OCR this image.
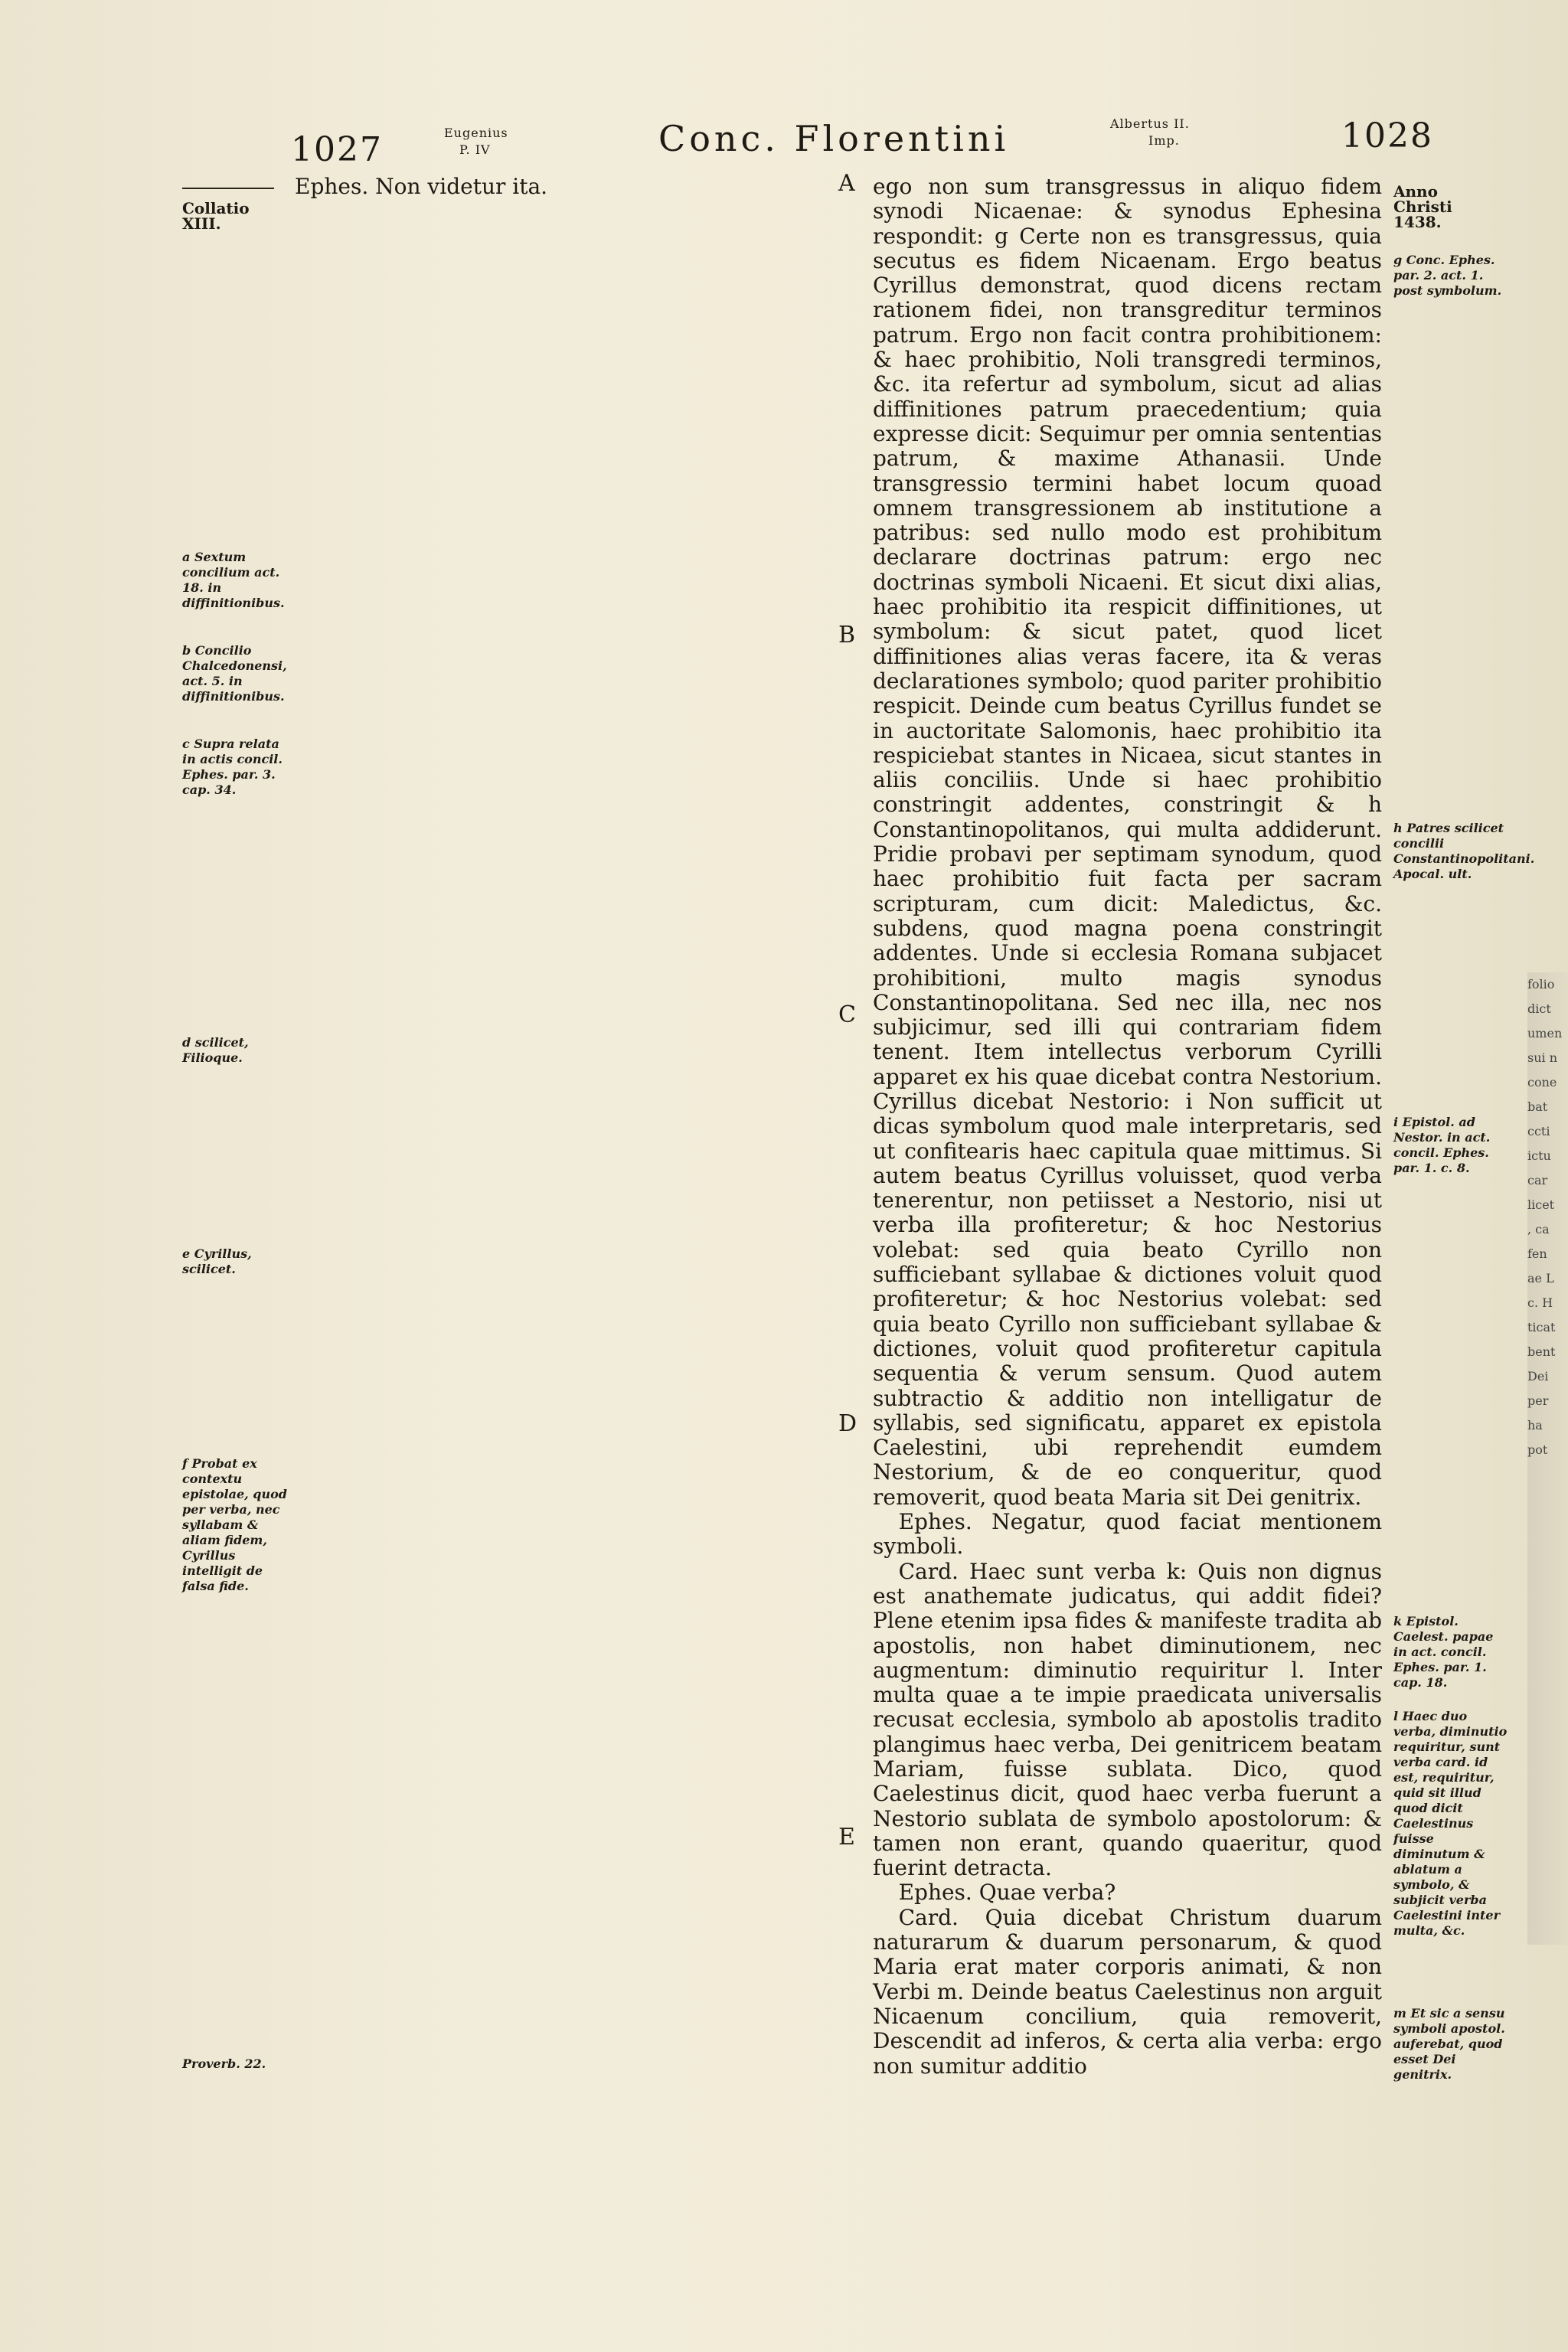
1027	Eugenius
P. IV	Conc. Florentini	Albertus II.
Imp.	1028
Collatio
XIII.
a Sextum concilium act. 18. in diffinitionibus.
b Concilio Chalcedonensi, act. 5. in diffinitionibus.
c Supra relata in actis concil. Ephes. par. 3. cap. 34.
d scilicet, Filioque.
e Cyrillus, scilicet.
f Probat ex contextu epistolae, quod per verba, nec syllabam & aliam fidem, Cyrillus intelligit de falsa fide.
Proverb. 22.

Ephes. Non videtur ita.	A
B
C
D
E

ego non sum transgressus in aliquo fidem synodi Nicaenae: & synodus Ephesina respondit: g Certe non es transgressus, quia secutus es fidem Nicaenam. Ergo beatus Cyrillus demonstrat, quod dicens rectam rationem fidei, non transgreditur terminos patrum. Ergo non facit contra prohibitionem: & haec prohibitio, Noli transgredi terminos, &c. ita refertur ad symbolum, sicut ad alias diffinitiones patrum praecedentium; quia expresse dicit: Sequimur per omnia sententias patrum, & maxime Athanasii. Unde transgressio termini habet locum quoad omnem transgressionem ab institutione a patribus: sed nullo modo est prohibitum declarare doctrinas patrum: ergo nec doctrinas symboli Nicaeni. Et sicut dixi alias, haec prohibitio ita respicit diffinitiones, ut symbolum: & sicut patet, quod licet diffinitiones alias veras facere, ita & veras declarationes symbolo; quod pariter prohibitio respicit. Deinde cum beatus Cyrillus fundet se in auctoritate Salomonis, haec prohibitio ita respiciebat stantes in Nicaea, sicut stantes in aliis conciliis. Unde si haec prohibitio constringit addentes, constringit & h Constantinopolitanos, qui multa addiderunt. Pridie probavi per septimam synodum, quod haec prohibitio fuit facta per sacram scripturam, cum dicit: Maledictus, &c. subdens, quod magna poena constringit addentes. Unde si ecclesia Romana subjacet prohibitioni, multo magis synodus Constantinopolitana. Sed nec illa, nec nos subjicimur, sed illi qui contrariam fidem tenent. Item intellectus verborum Cyrilli apparet ex his quae dicebat contra Nestorium. Cyrillus dicebat Nestorio: i Non sufficit ut dicas symbolum quod male interpretaris, sed ut confitearis haec capitula quae mittimus. Si autem beatus Cyrillus voluisset, quod verba tenerentur, non petiisset a Nestorio, nisi ut verba illa profiteretur; & hoc Nestorius volebat: sed quia beato Cyrillo non sufficiebant syllabae & dictiones voluit quod profiteretur; & hoc Nestorius volebat: sed quia beato Cyrillo non sufficiebant syllabae & dictiones, voluit quod profiteretur capitula sequentia & verum sensum. Quod autem subtractio & additio non intelligatur de syllabis, sed significatu, apparet ex epistola Caelestini, ubi reprehendit eumdem Nestorium, & de eo conqueritur, quod removerit, quod beata Maria sit Dei genitrix.

Ephes. Negatur, quod faciat mentionem symboli.

Card. Haec sunt verba k: Quis non dignus est anathemate judicatus, qui addit fidei? Plene etenim ipsa fides & manifeste tradita ab apostolis, non habet diminutionem, nec augmentum: diminutio requiritur l. Inter multa quae a te impie praedicata universalis recusat ecclesia, symbolo ab apostolis tradito plangimus haec verba, Dei genitricem beatam Mariam, fuisse sublata. Dico, quod Caelestinus dicit, quod haec verba fuerunt a Nestorio sublata de symbolo apostolorum: & tamen non erant, quando quaeritur, quod fuerint detracta.

Ephes. Quae verba?

Card. Quia dicebat Christum duarum naturarum & duarum personarum, & quod Maria erat mater corporis animati, & non Verbi m. Deinde beatus Caelestinus non arguit Nicaenum concilium, quia removerit, Descendit ad inferos, & certa alia verba: ergo non sumitur additio

Anno
Christi
1438.
g Conc. Ephes. par. 2. act. 1. post symbolum.
h Patres scilicet concilii Constantinopolitani. Apocal. ult.
i Epistol. ad Nestor. in act. concil. Ephes. par. 1. c. 8.
k Epistol. Caelest. papae in act. concil. Ephes. par. 1. cap. 18.
l Haec duo verba, diminutio requiritur, sunt verba card. id est, requiritur, quid sit illud quod dicit Caelestinus fuisse diminutum & ablatum a symbolo, & subjicit verba Caelestini inter multa, &c.
m Et sic a sensu symboli apostol. auferebat, quod esset Dei genitrix.
folio
dict
umen
sui n
cone
bat
ccti
ictu
car
licet
, ca
fen
ae L
c. H
ticat
bent
Dei
per
ha
pot
